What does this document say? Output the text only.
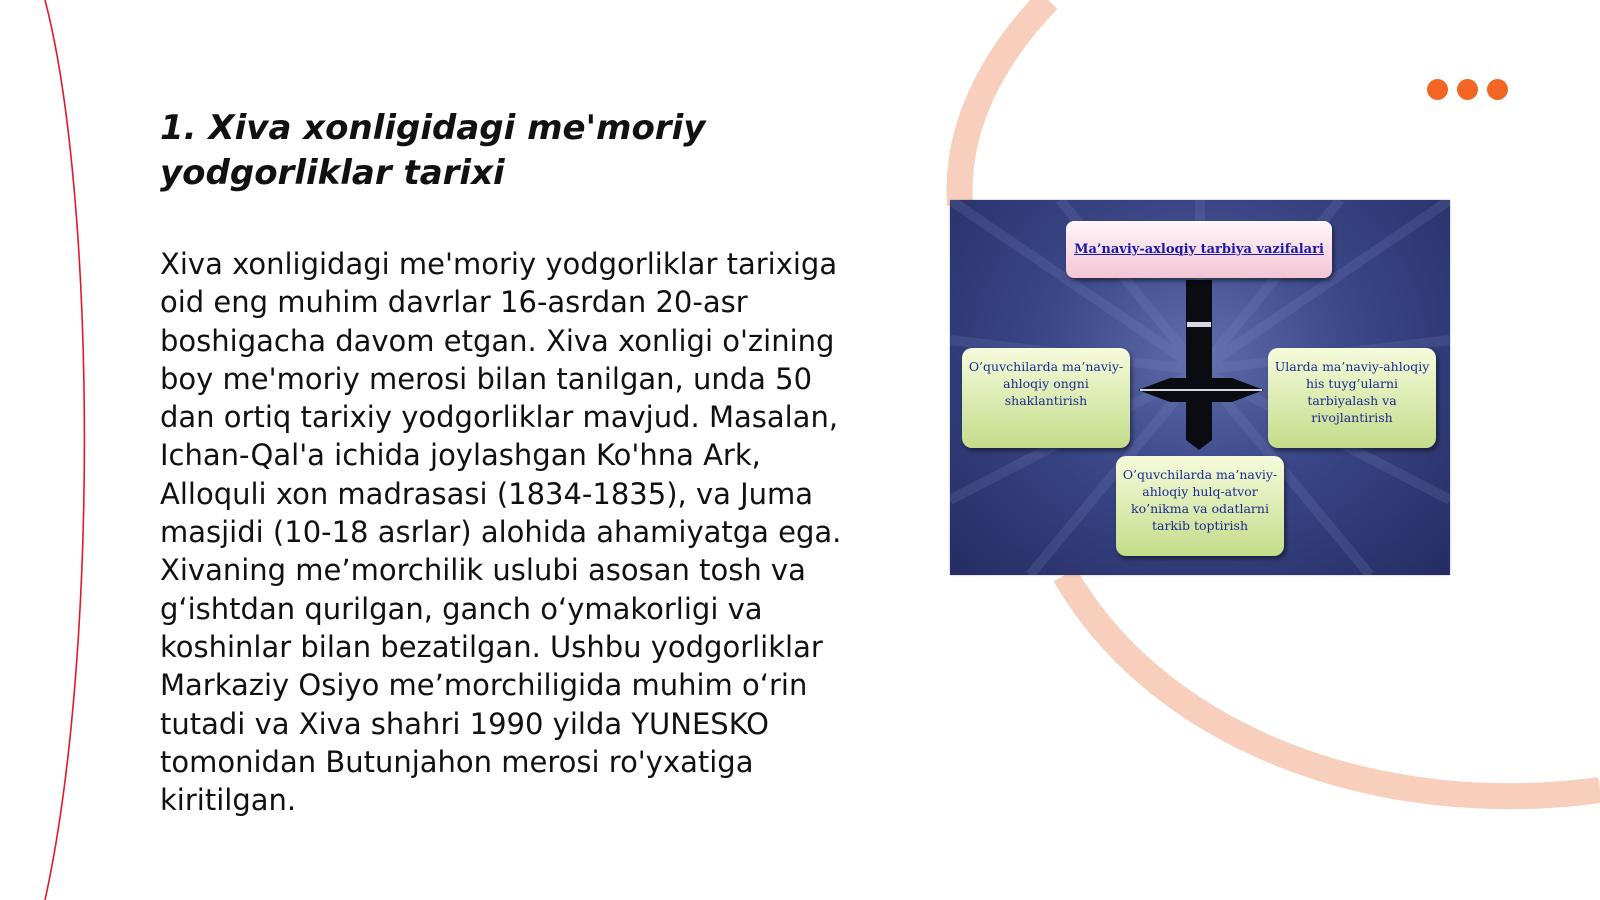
1. Xiva xonligidagi me'moriy yodgorliklar tarixi

Xiva xonligidagi me'moriy yodgorliklar tarixiga oid eng muhim davrlar 16-asrdan 20-asr boshigacha davom etgan. Xiva xonligi o'zining boy me'moriy merosi bilan tanilgan, unda 50 dan ortiq tarixiy yodgorliklar mavjud. Masalan, Ichan-Qal'a ichida joylashgan Ko'hna Ark, Alloquli xon madrasasi (1834-1835), va Juma masjidi (10-18 asrlar) alohida ahamiyatga ega. Xivaning me’morchilik uslubi asosan tosh va g‘ishtdan qurilgan, ganch o‘ymakorligi va koshinlar bilan bezatilgan. Ushbu yodgorliklar Markaziy Osiyo me’morchiligida muhim o‘rin tutadi va Xiva shahri 1990 yilda YUNESKO tomonidan Butunjahon merosi ro'yxatiga kiritilgan.

Ma’naviy-axloqiy tarbiya vazifalari
O’quvchilarda ma’naviy-ahloqiy ongni shaklantirish
Ularda ma’naviy-ahloqiy his tuyg’ularni tarbiyalash va rivojlantirish
O’quvchilarda ma’naviy-ahloqiy hulq-atvor ko’nikma va odatlarni tarkib toptirish
